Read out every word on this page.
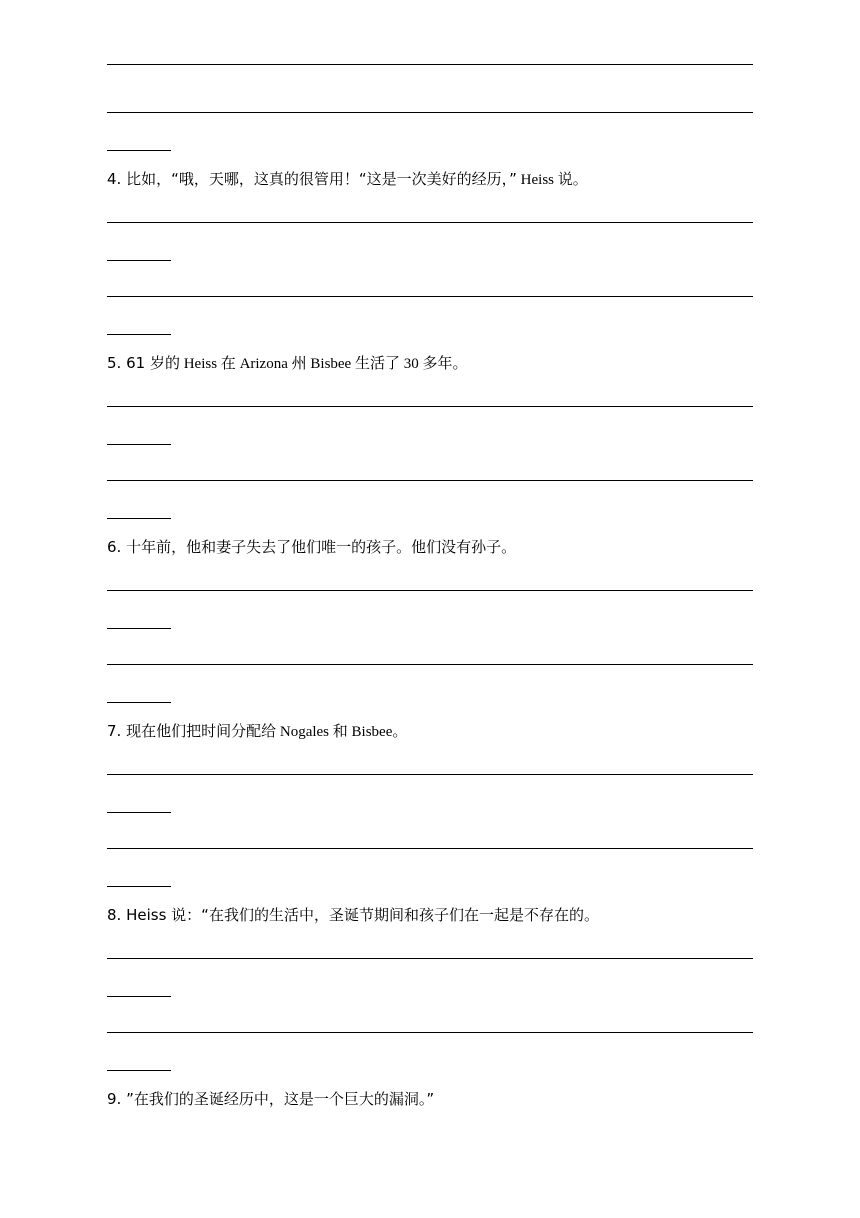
4. 比如，“哦，天哪，这真的很管用！“这是一次美好的经历，” Heiss 说。
5. 61 岁的 Heiss 在 Arizona 州 Bisbee 生活了 30 多年。
6. 十年前，他和妻子失去了他们唯一的孩子。他们没有孙子。
7. 现在他们把时间分配给 Nogales 和 Bisbee。
8. Heiss 说：“在我们的生活中，圣诞节期间和孩子们在一起是不存在的。
9. ”在我们的圣诞经历中，这是一个巨大的漏洞。”
